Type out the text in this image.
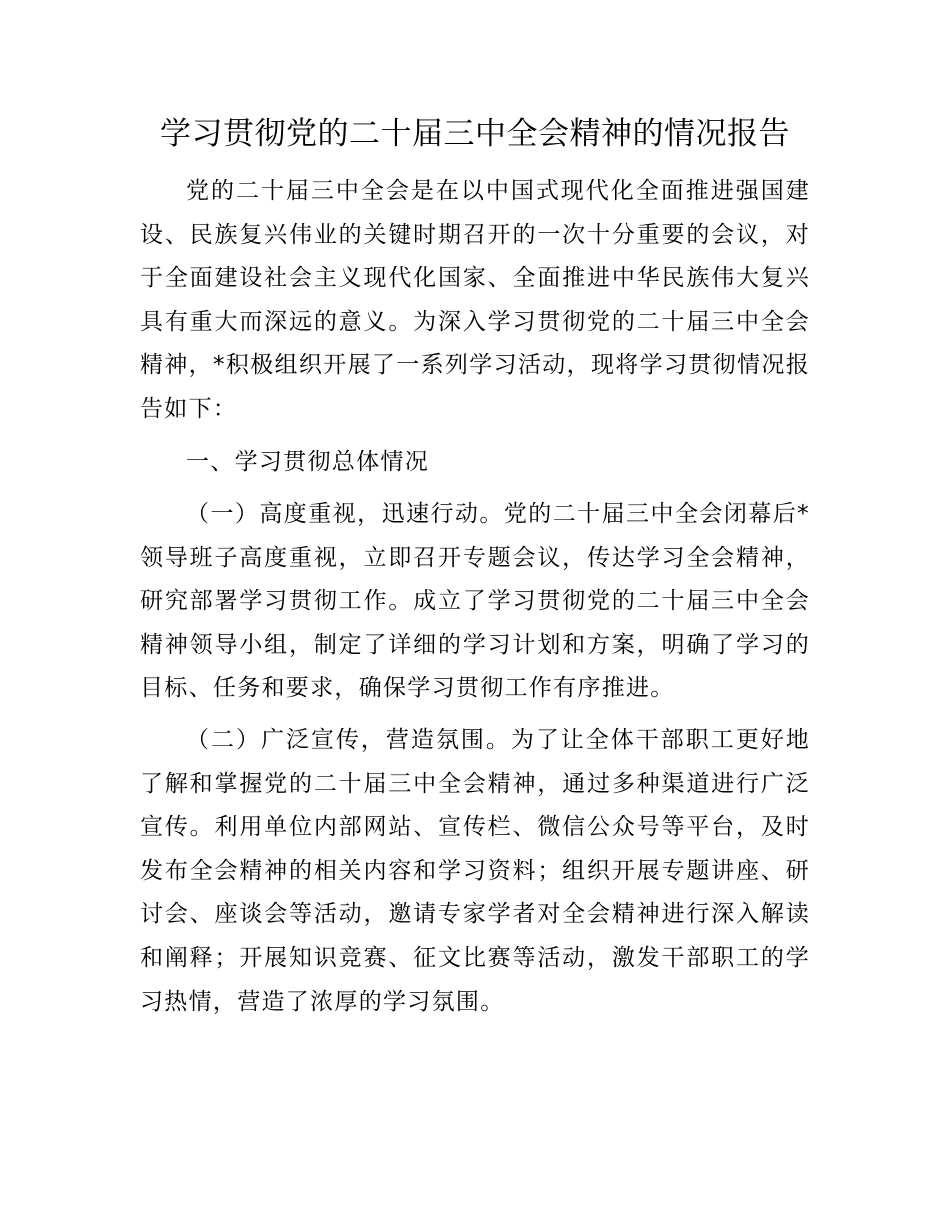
学习贯彻党的二十届三中全会精神的情况报告

党的二十届三中全会是在以中国式现代化全面推进强国建设、民族复兴伟业的关键时期召开的一次十分重要的会议，对于全面建设社会主义现代化国家、全面推进中华民族伟大复兴具有重大而深远的意义。为深入学习贯彻党的二十届三中全会精神，*积极组织开展了一系列学习活动，现将学习贯彻情况报告如下：

一、学习贯彻总体情况

（一）高度重视，迅速行动。党的二十届三中全会闭幕后*领导班子高度重视，立即召开专题会议，传达学习全会精神，研究部署学习贯彻工作。成立了学习贯彻党的二十届三中全会精神领导小组，制定了详细的学习计划和方案，明确了学习的目标、任务和要求，确保学习贯彻工作有序推进。

（二）广泛宣传，营造氛围。为了让全体干部职工更好地了解和掌握党的二十届三中全会精神，通过多种渠道进行广泛宣传。利用单位内部网站、宣传栏、微信公众号等平台，及时发布全会精神的相关内容和学习资料；组织开展专题讲座、研讨会、座谈会等活动，邀请专家学者对全会精神进行深入解读和阐释；开展知识竞赛、征文比赛等活动，激发干部职工的学习热情，营造了浓厚的学习氛围。
